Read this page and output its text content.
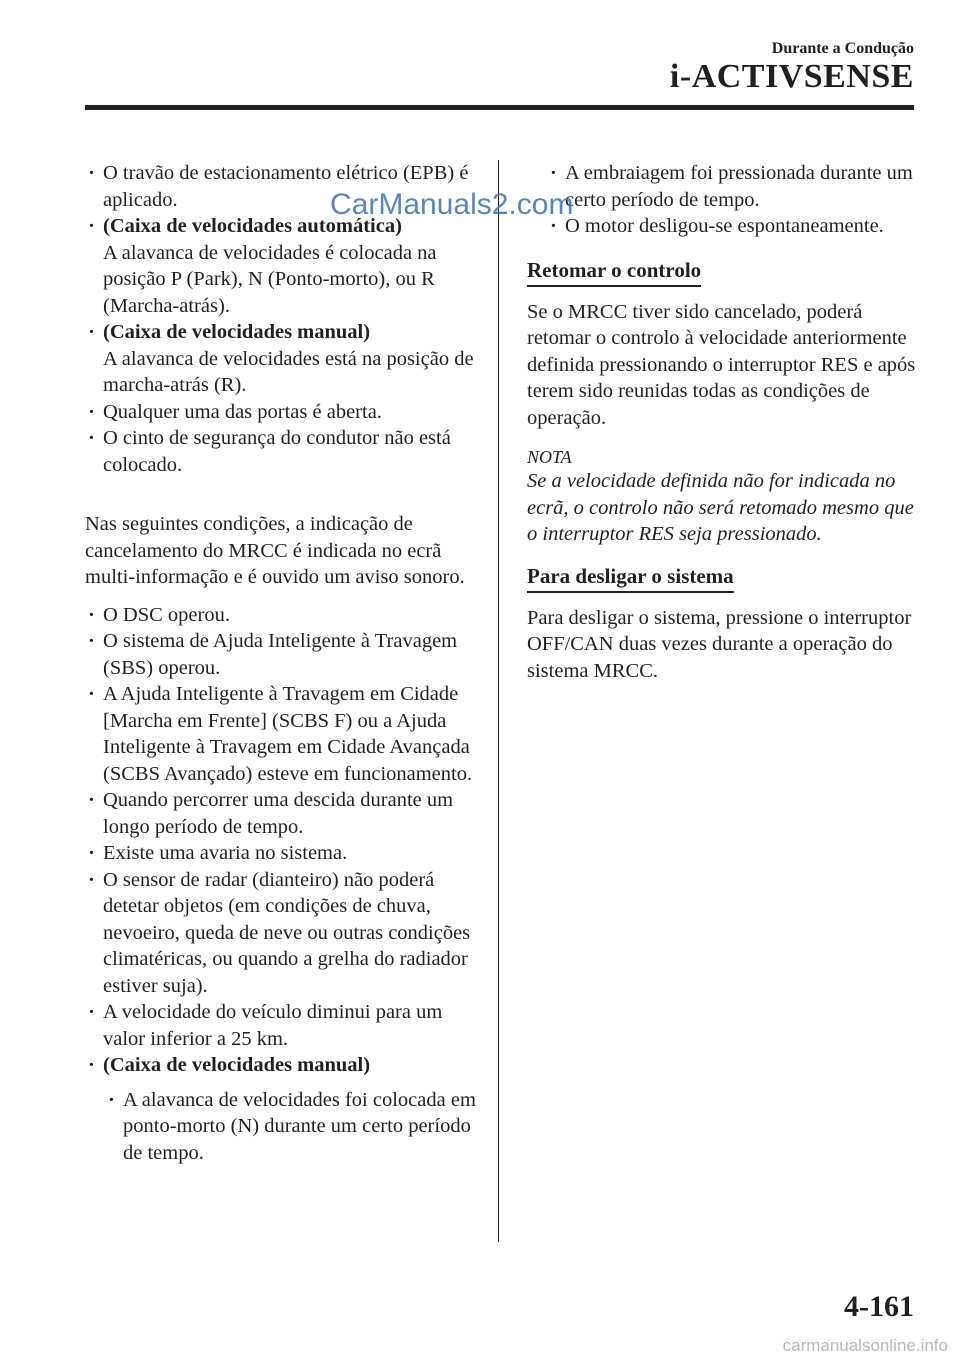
Durante a Condução
i-ACTIVSENSE
· O travão de estacionamento elétrico (EPB) é aplicado.
· (Caixa de velocidades automática)
A alavanca de velocidades é colocada na posição P (Park), N (Ponto-morto), ou R (Marcha-atrás).
· (Caixa de velocidades manual)
A alavanca de velocidades está na posição de marcha-atrás (R).
· Qualquer uma das portas é aberta.
· O cinto de segurança do condutor não está colocado.

Nas seguintes condições, a indicação de cancelamento do MRCC é indicada no ecrã multi-informação e é ouvido um aviso sonoro.

· O DSC operou.
· O sistema de Ajuda Inteligente à Travagem (SBS) operou.
· A Ajuda Inteligente à Travagem em Cidade [Marcha em Frente] (SCBS F) ou a Ajuda Inteligente à Travagem em Cidade Avançada (SCBS Avançado) esteve em funcionamento.
· Quando percorrer uma descida durante um longo período de tempo.
· Existe uma avaria no sistema.
· O sensor de radar (dianteiro) não poderá detetar objetos (em condições de chuva, nevoeiro, queda de neve ou outras condições climatéricas, ou quando a grelha do radiador estiver suja).
· A velocidade do veículo diminui para um valor inferior a 25 km.
· (Caixa de velocidades manual)
· A alavanca de velocidades foi colocada em ponto-morto (N) durante um certo período de tempo.
· A embraiagem foi pressionada durante um certo período de tempo.
· O motor desligou-se espontaneamente.
Retomar o controlo

Se o MRCC tiver sido cancelado, poderá retomar o controlo à velocidade anteriormente definida pressionando o interruptor RES e após terem sido reunidas todas as condições de operação.

NOTA

Se a velocidade definida não for indicada no ecrã, o controlo não será retomado mesmo que o interruptor RES seja pressionado.

Para desligar o sistema

Para desligar o sistema, pressione o interruptor OFF/CAN duas vezes durante a operação do sistema MRCC.

4-161
CarManuals2.com
carmanualsonline.info
